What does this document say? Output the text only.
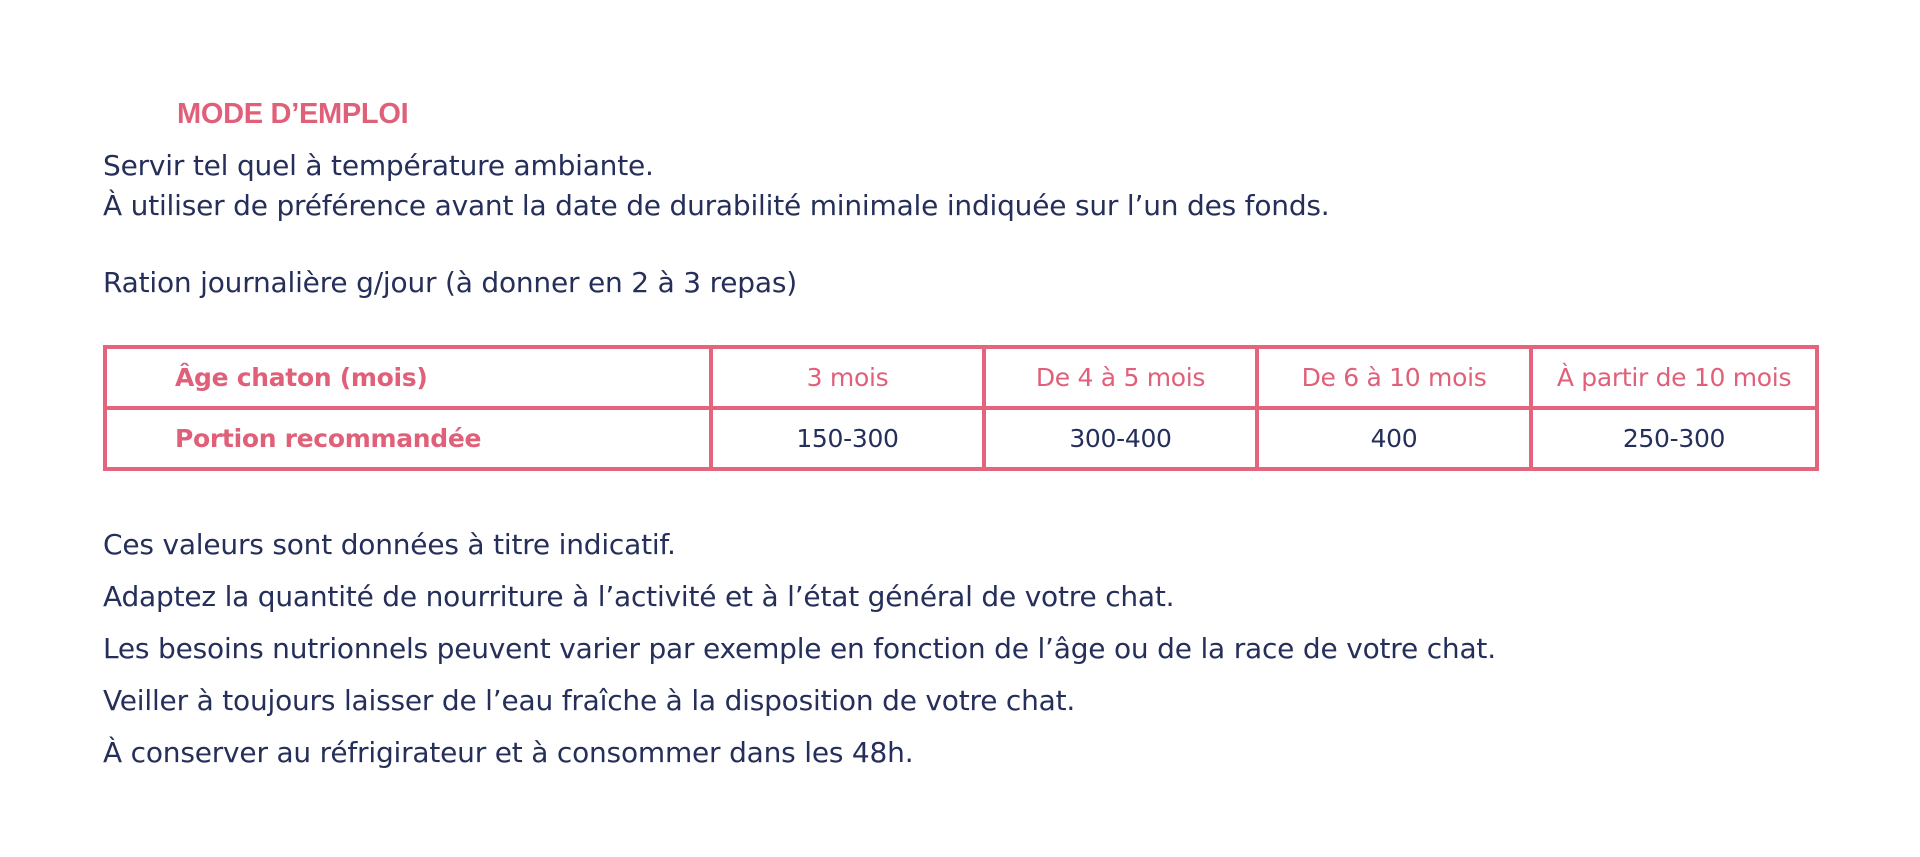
MODE D’EMPLOI

Servir tel quel à température ambiante.
À utiliser de préférence avant la date de durabilité minimale indiquée sur l’un des fonds.

Ration journalière g/jour (à donner en 2 à 3 repas)

Âge chaton (mois)	3 mois	De 4 à 5 mois	De 6 à 10 mois	À partir de 10 mois
Portion recommandée	150-300	300-400	400	250-300
Ces valeurs sont données à titre indicatif.
Adaptez la quantité de nourriture à l’activité et à l’état général de votre chat.
Les besoins nutrionnels peuvent varier par exemple en fonction de l’âge ou de la race de votre chat.
Veiller à toujours laisser de l’eau fraîche à la disposition de votre chat.
À conserver au réfrigirateur et à consommer dans les 48h.
